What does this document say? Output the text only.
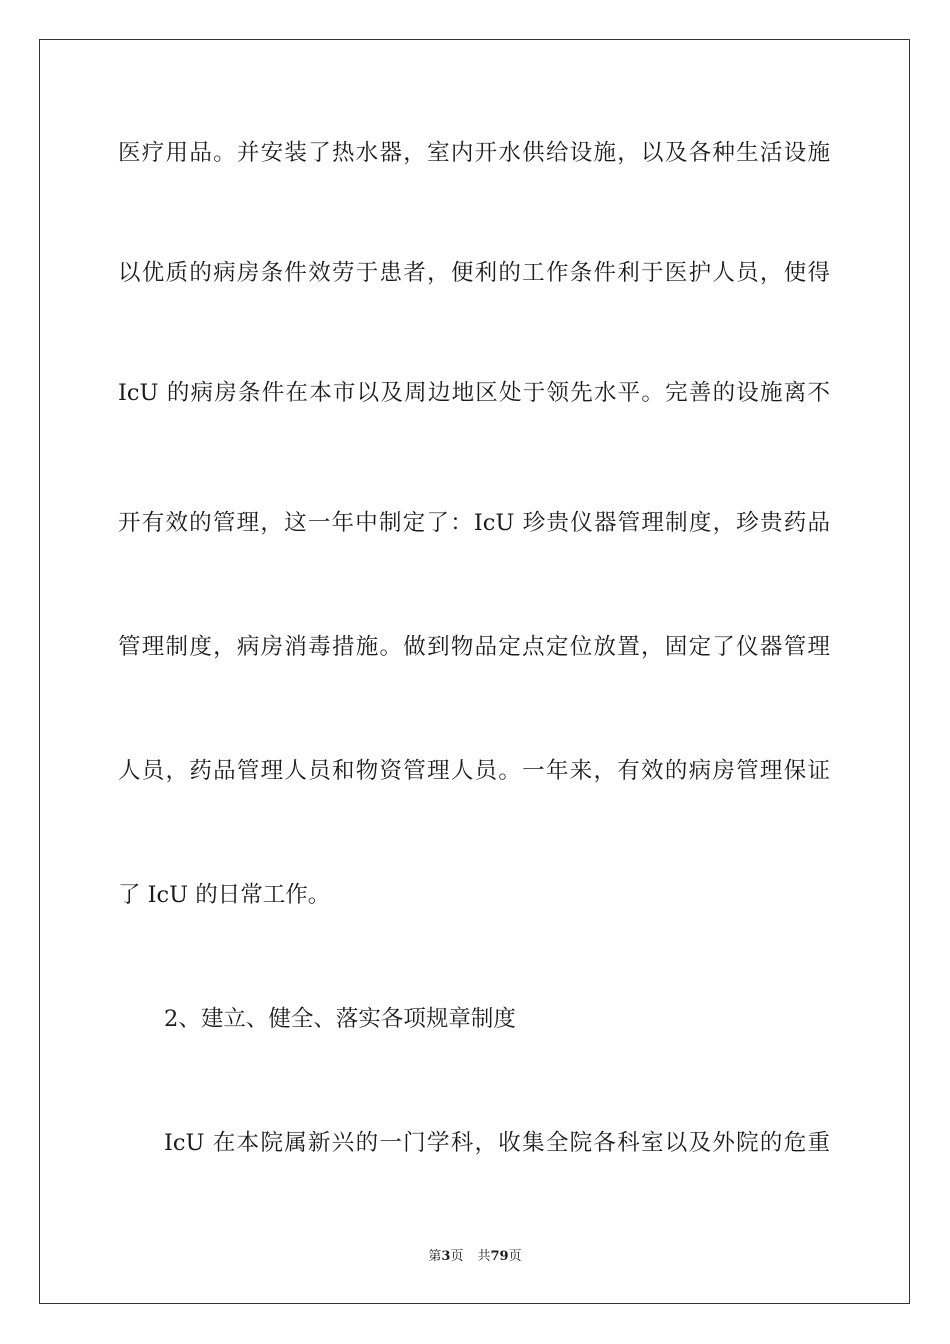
医疗用品。并安装了热水器，室内开水供给设施，以及各种生活设施
以优质的病房条件效劳于患者，便利的工作条件利于医护人员，使得
IcU 的病房条件在本市以及周边地区处于领先水平。完善的设施离不
开有效的管理，这一年中制定了：IcU 珍贵仪器管理制度，珍贵药品
管理制度，病房消毒措施。做到物品定点定位放置，固定了仪器管理
人员，药品管理人员和物资管理人员。一年来，有效的病房管理保证
了 IcU 的日常工作。
2、建立、健全、落实各项规章制度
IcU 在本院属新兴的一门学科，收集全院各科室以及外院的危重
第3页 共79页
